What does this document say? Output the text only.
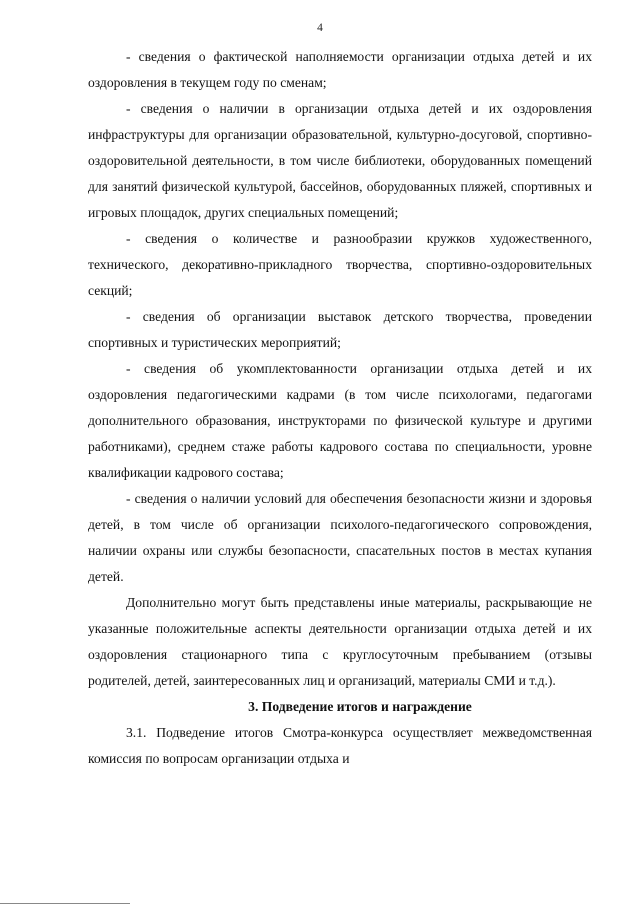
4

- сведения о фактической наполняемости организации отдыха детей и их оздоровления в текущем году по сменам;

- сведения о наличии в организации отдыха детей и их оздоровления инфраструктуры для организации образовательной, культурно-досуговой, спортивно-оздоровительной деятельности, в том числе библиотеки, оборудованных помещений для занятий физической культурой, бассейнов, оборудованных пляжей, спортивных и игровых площадок, других специальных помещений;

- сведения о количестве и разнообразии кружков художественного, технического, декоративно-прикладного творчества, спортивно-оздоровительных секций;

- сведения об организации выставок детского творчества, проведении спортивных и туристических мероприятий;

- сведения об укомплектованности организации отдыха детей и их оздоровления педагогическими кадрами (в том числе психологами, педагогами дополнительного образования, инструкторами по физической культуре и другими работниками), среднем стаже работы кадрового состава по специальности, уровне квалификации кадрового состава;

- сведения о наличии условий для обеспечения безопасности жизни и здоровья детей, в том числе об организации психолого-педагогического сопровождения, наличии охраны или службы безопасности, спасательных постов в местах купания детей.

Дополнительно могут быть представлены иные материалы, раскрывающие не указанные положительные аспекты деятельности организации отдыха детей и их оздоровления стационарного типа с круглосуточным пребыванием (отзывы родителей, детей, заинтересованных лиц и организаций, материалы СМИ и т.д.).

3. Подведение итогов и награждение

3.1. Подведение итогов Смотра-конкурса осуществляет межведомственная комиссия по вопросам организации отдыха и
